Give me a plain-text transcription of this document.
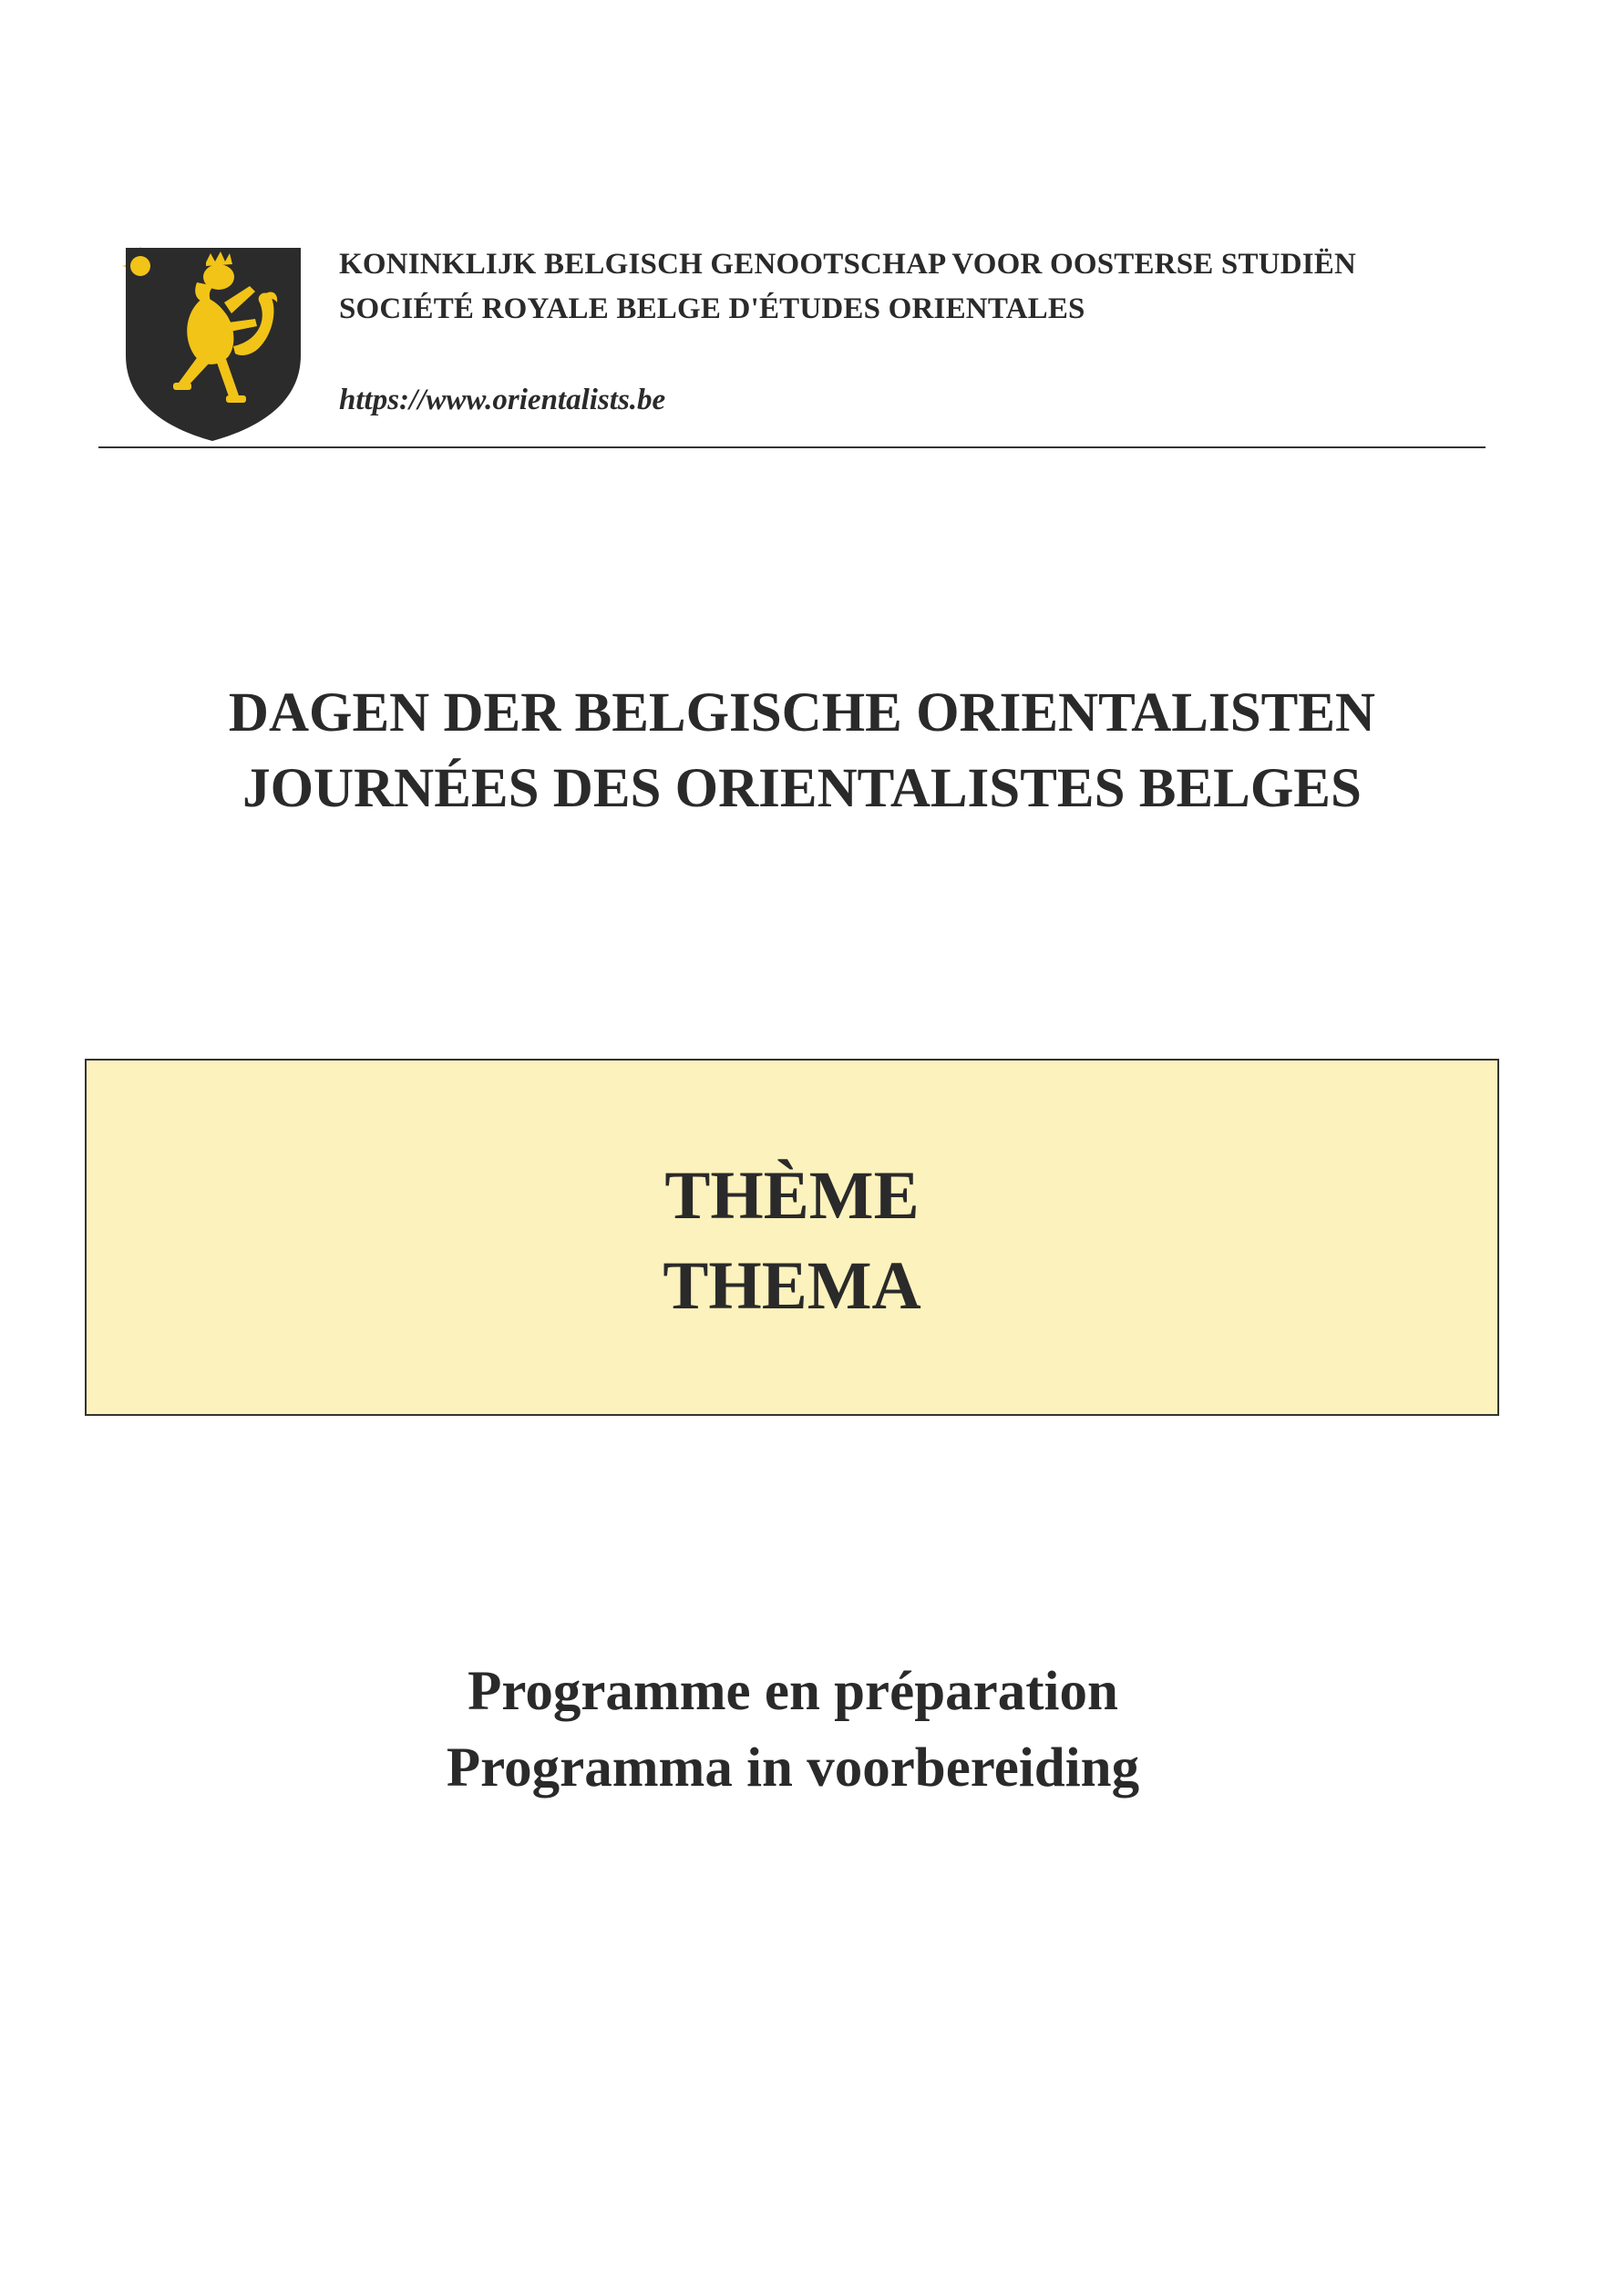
KONINKLIJK BELGISCH GENOOTSCHAP VOOR OOSTERSE STUDIËN
SOCIÉTÉ ROYALE BELGE D'ÉTUDES ORIENTALES
https://www.orientalists.be
DAGEN DER BELGISCHE ORIENTALISTEN
JOURNÉES DES ORIENTALISTES BELGES
THÈME
THEMA
Programme en préparation
Programma in voorbereiding
